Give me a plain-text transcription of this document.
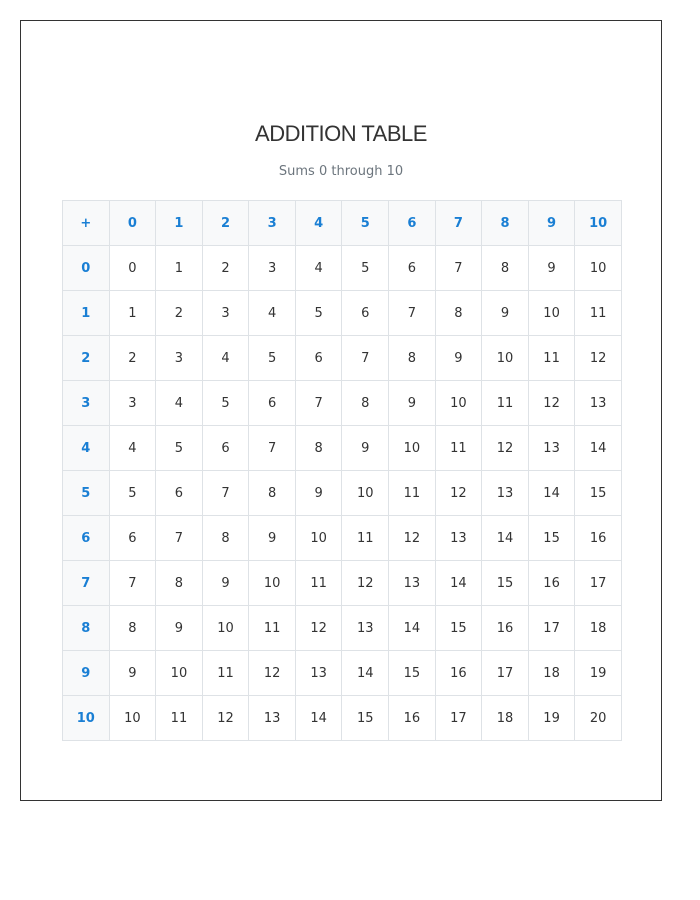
ADDITION TABLE
Sums 0 through 10
+	0	1	2	3	4	5	6	7	8	9	10
0	0	1	2	3	4	5	6	7	8	9	10
1	1	2	3	4	5	6	7	8	9	10	11
2	2	3	4	5	6	7	8	9	10	11	12
3	3	4	5	6	7	8	9	10	11	12	13
4	4	5	6	7	8	9	10	11	12	13	14
5	5	6	7	8	9	10	11	12	13	14	15
6	6	7	8	9	10	11	12	13	14	15	16
7	7	8	9	10	11	12	13	14	15	16	17
8	8	9	10	11	12	13	14	15	16	17	18
9	9	10	11	12	13	14	15	16	17	18	19
10	10	11	12	13	14	15	16	17	18	19	20
